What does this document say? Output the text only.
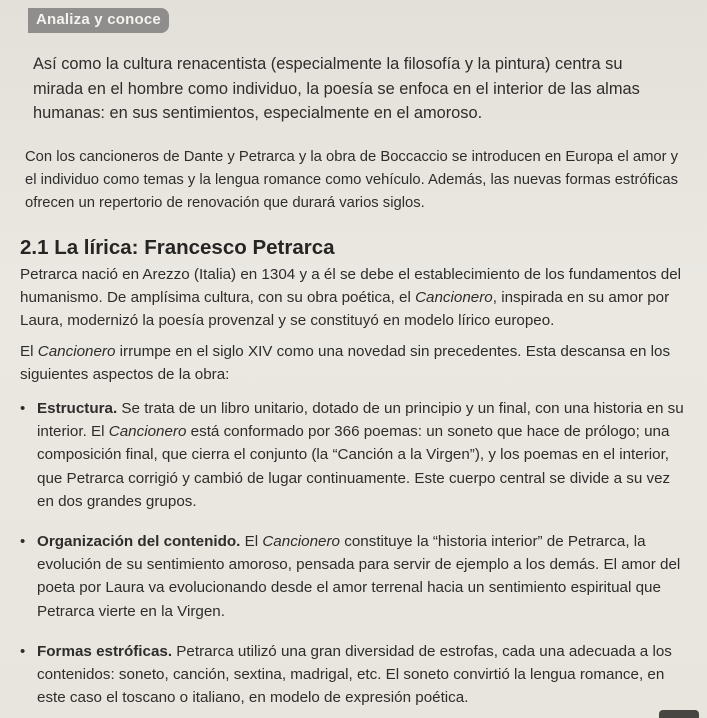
Analiza y conoce
Así como la cultura renacentista (especialmente la filosofía y la pintura) centra su mirada en el hombre como individuo, la poesía se enfoca en el interior de las almas humanas: en sus sentimientos, especialmente en el amoroso.
Con los cancioneros de Dante y Petrarca y la obra de Boccaccio se introducen en Europa el amor y el individuo como temas y la lengua romance como vehículo. Además, las nuevas formas estróficas ofrecen un repertorio de renovación que durará varios siglos.
2.1 La lírica: Francesco Petrarca
Petrarca nació en Arezzo (Italia) en 1304 y a él se debe el establecimiento de los fundamentos del humanismo. De amplísima cultura, con su obra poética, el Cancionero, inspirada en su amor por Laura, modernizó la poesía provenzal y se constituyó en modelo lírico europeo.
El Cancionero irrumpe en el siglo XIV como una novedad sin precedentes. Esta descansa en los siguientes aspectos de la obra:
• Estructura. Se trata de un libro unitario, dotado de un principio y un final, con una historia en su interior. El Cancionero está conformado por 366 poemas: un soneto que hace de prólogo; una composición final, que cierra el conjunto (la “Canción a la Virgen”), y los poemas en el interior, que Petrarca corrigió y cambió de lugar continuamente. Este cuerpo central se divide a su vez en dos grandes grupos.
• Organización del contenido. El Cancionero constituye la “historia interior” de Petrarca, la evolución de su sentimiento amoroso, pensada para servir de ejemplo a los demás. El amor del poeta por Laura va evolucionando desde el amor terrenal hacia un sentimiento espiritual que Petrarca vierte en la Virgen.
• Formas estróficas. Petrarca utilizó una gran diversidad de estrofas, cada una adecuada a los contenidos: soneto, canción, sextina, madrigal, etc. El soneto convirtió la lengua romance, en este caso el toscano o italiano, en modelo de expresión poética.
